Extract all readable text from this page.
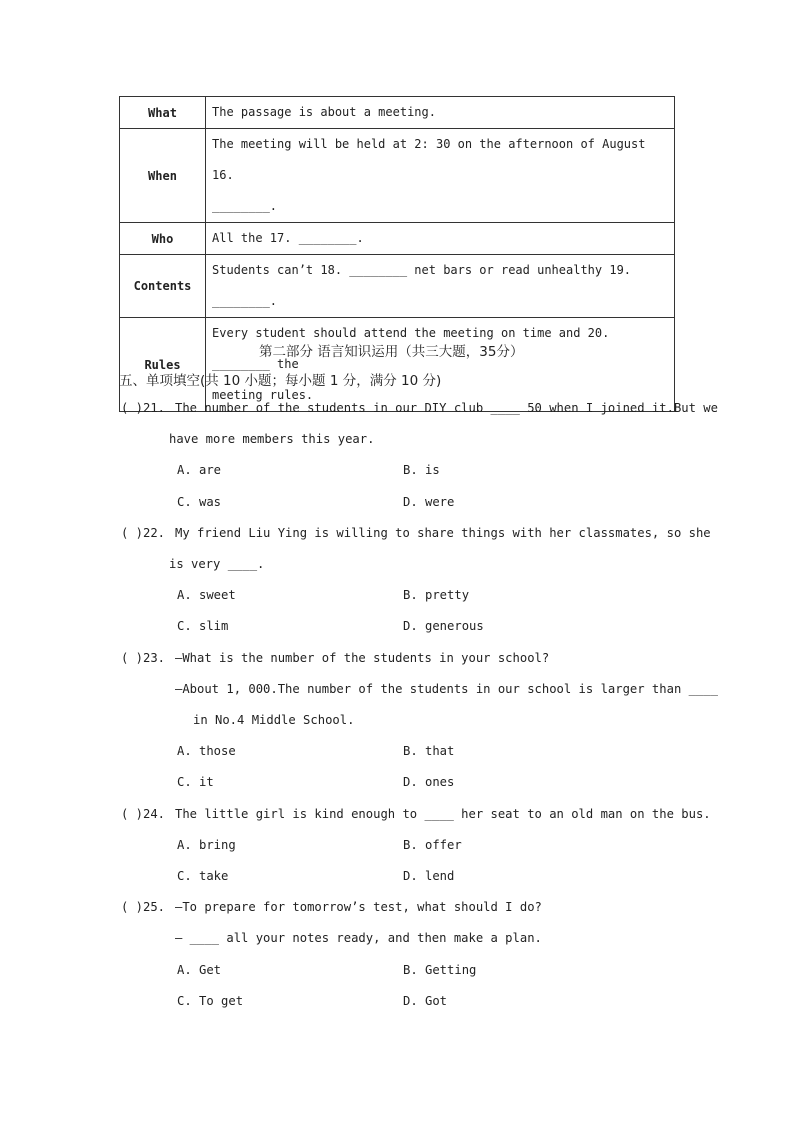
What	The passage is about a meeting.
When	The meeting will be held at 2: 30 on the afternoon of August 16.
________.
Who	All the 17. ________.
Contents	Students can’t 18. ________ net bars or read unhealthy 19. ________.
Rules	Every student should attend the meeting on time and 20. ________ the
meeting rules.
第二部分 语言知识运用（共三大题，35分）
五、单项填空(共 10 小题；每小题 1 分，满分 10 分)
( )21. The number of the students in our DIY club ____ 50 when I joined it.But we
have more members this year.
A. are	B. is
C. was	D. were
( )22. My friend Liu Ying is willing to share things with her classmates, so she
is very ____.
A. sweet	B. pretty
C. slim	D. generous
( )23. —What is the number of the students in your school?
—About 1, 000.The number of the students in our school is larger than ____
in No.4 Middle School.
A. those	B. that
C. it	D. ones
( )24. The little girl is kind enough to ____ her seat to an old man on the bus.
A. bring	B. offer
C. take	D. lend
( )25. —To prepare for tomorrow’s test, what should I do?
— ____ all your notes ready, and then make a plan.
A. Get	B. Getting
C. To get	D. Got
